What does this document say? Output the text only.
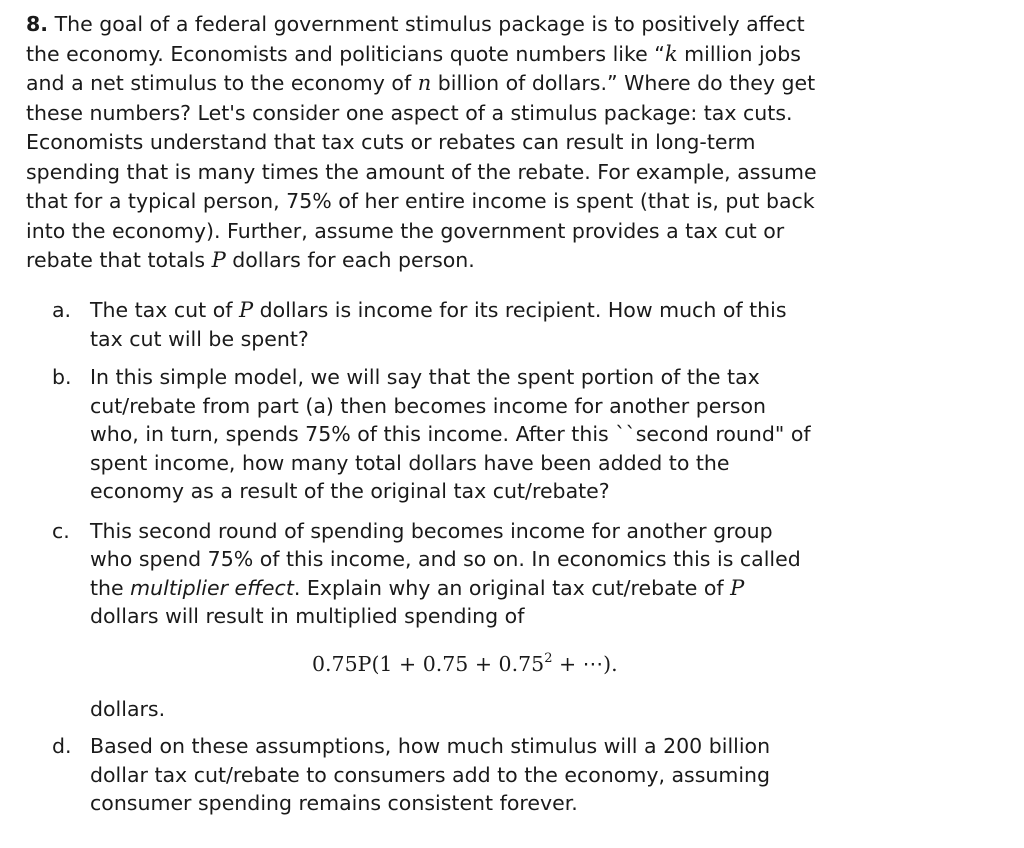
8. The goal of a federal government stimulus package is to positively affect the economy. Economists and politicians quote numbers like “k million jobs and a net stimulus to the economy of n billion of dollars.” Where do they get these numbers? Let's consider one aspect of a stimulus package: tax cuts. Economists understand that tax cuts or rebates can result in long-term spending that is many times the amount of the rebate. For example, assume that for a typical person, 75% of her entire income is spent (that is, put back into the economy). Further, assume the government provides a tax cut or rebate that totals P dollars for each person.

a. The tax cut of P dollars is income for its recipient. How much of this tax cut will be spent?
b. In this simple model, we will say that the spent portion of the tax cut/rebate from part (a) then becomes income for another person who, in turn, spends 75% of this income. After this ``second round" of spent income, how many total dollars have been added to the economy as a result of the original tax cut/rebate?
c. This second round of spending becomes income for another group who spend 75% of this income, and so on. In economics this is called the multiplier effect. Explain why an original tax cut/rebate of P dollars will result in multiplied spending of
$0.75P(1 + 0.75 + 0.75^2$ + ⋯).
dollars.
d. Based on these assumptions, how much stimulus will a 200 billion dollar tax cut/rebate to consumers add to the economy, assuming consumer spending remains consistent forever.
